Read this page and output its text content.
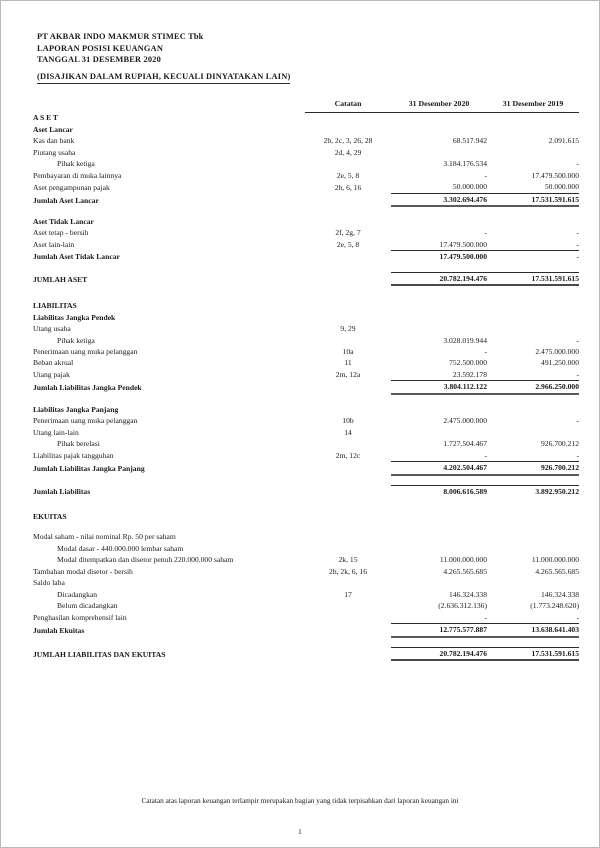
PT AKBAR INDO MAKMUR STIMEC Tbk
LAPORAN POSISI KEUANGAN
TANGGAL 31 DESEMBER 2020
(DISAJIKAN DALAM RUPIAH, KECUALI DINYATAKAN LAIN)
	Catatan	31 Desember 2020	31 Desember 2019
A S E T			
Aset Lancar			
Kas dan bank	2b, 2c, 3, 26, 28	68.517.942	2.091.615
Piutang usaha	2d, 4, 29		
Pihak ketiga		3.184.176.534	-
Pembayaran di muka lainnya	2e, 5, 8	-	17.479.500.000
Aset pengampunan pajak	2h, 6, 16	50.000.000	50.000.000
Jumlah Aset Lancar		3.302.694.476	17.531.591.615

Aset Tidak Lancar			
Aset tetap - bersih	2f, 2g, 7	-	-
Aset lain-lain	2e, 5, 8	17.479.500.000	-
Jumlah Aset Tidak Lancar		17.479.500.000	-

JUMLAH ASET		20.782.194.476	17.531.591.615

LIABILITAS			
Liabilitas Jangka Pendek			
Utang usaha	9, 29		
Pihak ketiga		3.028.019.944	-
Penerimaan uang muka pelanggan	10a	-	2.475.000.000
Beban akrual	11	752.500.000	491.250.000
Utang pajak	2m, 12a	23.592.178	-
Jumlah Liabilitas Jangka Pendek		3.804.112.122	2.966.250.000

Liabilitas Jangka Panjang			
Penerimaan uang muka pelanggan	10b	2.475.000.000	-
Utang lain-lain	14		
Pihak berelasi		1.727.504.467	926.700.212
Liabilitas pajak tangguhan	2m, 12c	-	-
Jumlah Liabilitas Jangka Panjang		4.202.504.467	926.700.212

Jumlah Liabilitas		8.006.616.589	3.892.950.212

EKUITAS			

Modal saham - nilai nominal Rp. 50 per saham			
Modal dasar - 440.000.000 lembar saham			
Modal ditempatkan dan disetor penuh 220.000.000 saham	2k, 15	11.000.000.000	11.000.000.000
Tambahan modal disetor - bersih	2h, 2k, 6, 16	4.265.565.685	4.265.565.685
Saldo laba			
Dicadangkan	17	146.324.338	146.324.338
Belum dicadangkan		(2.636.312.136)	(1.773.248.620)
Penghasilan komprehensif lain		-	-
Jumlah Ekuitas		12.775.577.887	13.638.641.403

JUMLAH LIABILITAS DAN EKUITAS		20.782.194.476	17.531.591.615
Catatan atas laporan keuangan terlampir merupakan bagian yang tidak terpisahkan dari laporan keuangan ini
1
